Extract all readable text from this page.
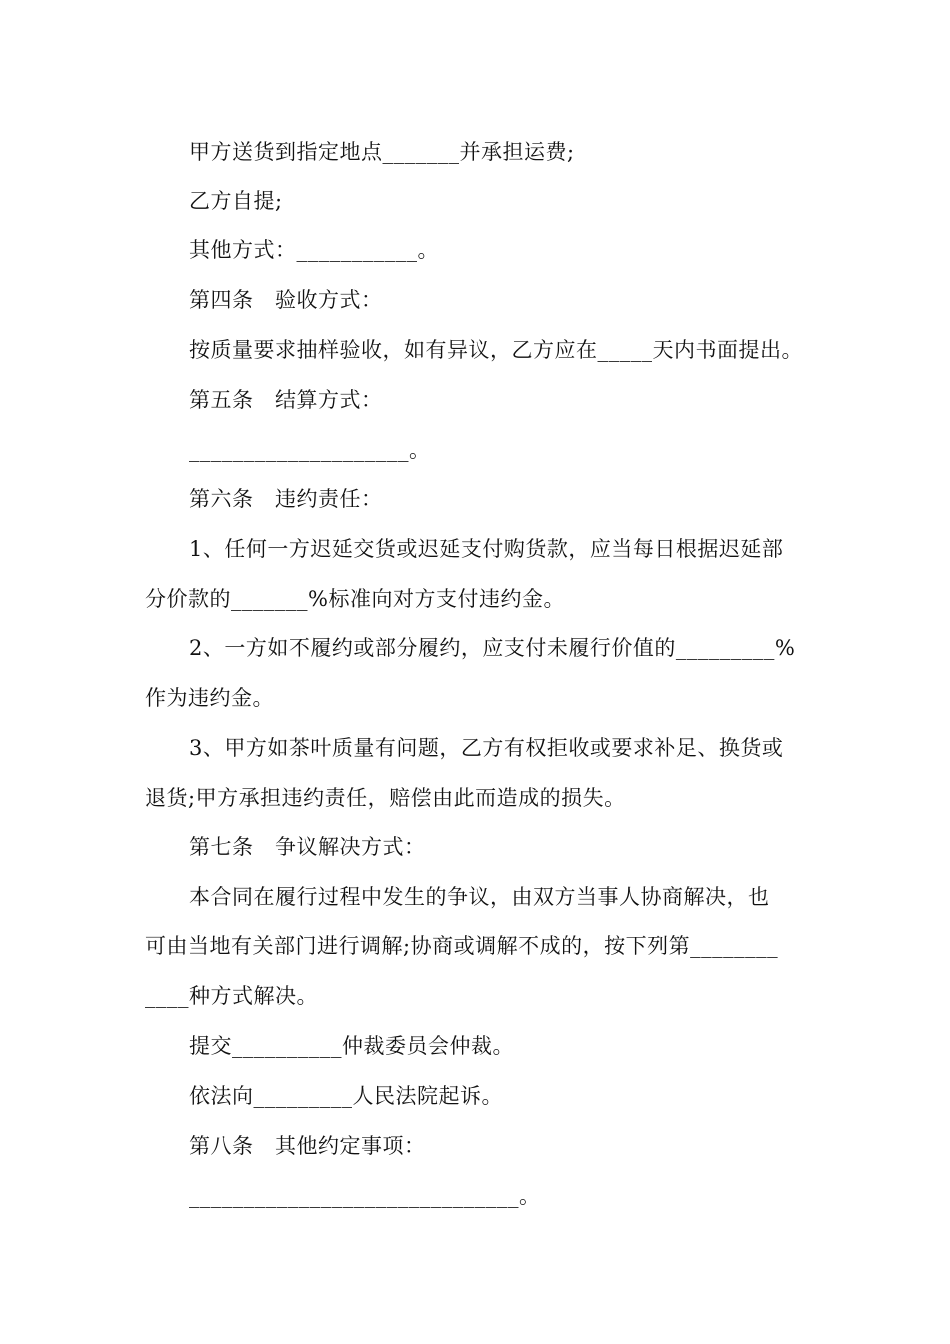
甲方送货到指定地点_______并承担运费;
乙方自提;
其他方式：___________。
第四条　验收方式：
按质量要求抽样验收，如有异议，乙方应在_____天内书面提出。
第五条　结算方式：
____________________。
第六条　违约责任：
1、任何一方迟延交货或迟延支付购货款，应当每日根据迟延部
分价款的_______%标准向对方支付违约金。
2、一方如不履约或部分履约，应支付未履行价值的_________%
作为违约金。
3、甲方如茶叶质量有问题，乙方有权拒收或要求补足、换货或
退货;甲方承担违约责任，赔偿由此而造成的损失。
第七条　争议解决方式：
本合同在履行过程中发生的争议，由双方当事人协商解决，也
可由当地有关部门进行调解;协商或调解不成的，按下列第________
____种方式解决。
提交__________仲裁委员会仲裁。
依法向_________人民法院起诉。
第八条　其他约定事项：
______________________________。
